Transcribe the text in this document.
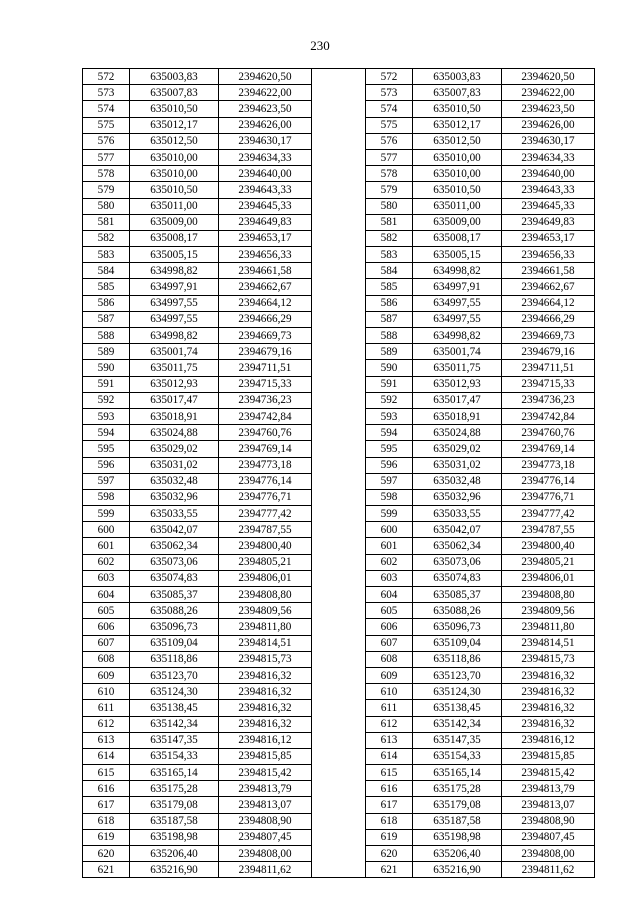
230
572	635003,83	2394620,50		572	635003,83	2394620,50
573	635007,83	2394622,00		573	635007,83	2394622,00
574	635010,50	2394623,50		574	635010,50	2394623,50
575	635012,17	2394626,00		575	635012,17	2394626,00
576	635012,50	2394630,17		576	635012,50	2394630,17
577	635010,00	2394634,33		577	635010,00	2394634,33
578	635010,00	2394640,00		578	635010,00	2394640,00
579	635010,50	2394643,33		579	635010,50	2394643,33
580	635011,00	2394645,33		580	635011,00	2394645,33
581	635009,00	2394649,83		581	635009,00	2394649,83
582	635008,17	2394653,17		582	635008,17	2394653,17
583	635005,15	2394656,33		583	635005,15	2394656,33
584	634998,82	2394661,58		584	634998,82	2394661,58
585	634997,91	2394662,67		585	634997,91	2394662,67
586	634997,55	2394664,12		586	634997,55	2394664,12
587	634997,55	2394666,29		587	634997,55	2394666,29
588	634998,82	2394669,73		588	634998,82	2394669,73
589	635001,74	2394679,16		589	635001,74	2394679,16
590	635011,75	2394711,51		590	635011,75	2394711,51
591	635012,93	2394715,33		591	635012,93	2394715,33
592	635017,47	2394736,23		592	635017,47	2394736,23
593	635018,91	2394742,84		593	635018,91	2394742,84
594	635024,88	2394760,76		594	635024,88	2394760,76
595	635029,02	2394769,14		595	635029,02	2394769,14
596	635031,02	2394773,18		596	635031,02	2394773,18
597	635032,48	2394776,14		597	635032,48	2394776,14
598	635032,96	2394776,71		598	635032,96	2394776,71
599	635033,55	2394777,42		599	635033,55	2394777,42
600	635042,07	2394787,55		600	635042,07	2394787,55
601	635062,34	2394800,40		601	635062,34	2394800,40
602	635073,06	2394805,21		602	635073,06	2394805,21
603	635074,83	2394806,01		603	635074,83	2394806,01
604	635085,37	2394808,80		604	635085,37	2394808,80
605	635088,26	2394809,56		605	635088,26	2394809,56
606	635096,73	2394811,80		606	635096,73	2394811,80
607	635109,04	2394814,51		607	635109,04	2394814,51
608	635118,86	2394815,73		608	635118,86	2394815,73
609	635123,70	2394816,32		609	635123,70	2394816,32
610	635124,30	2394816,32		610	635124,30	2394816,32
611	635138,45	2394816,32		611	635138,45	2394816,32
612	635142,34	2394816,32		612	635142,34	2394816,32
613	635147,35	2394816,12		613	635147,35	2394816,12
614	635154,33	2394815,85		614	635154,33	2394815,85
615	635165,14	2394815,42		615	635165,14	2394815,42
616	635175,28	2394813,79		616	635175,28	2394813,79
617	635179,08	2394813,07		617	635179,08	2394813,07
618	635187,58	2394808,90		618	635187,58	2394808,90
619	635198,98	2394807,45		619	635198,98	2394807,45
620	635206,40	2394808,00		620	635206,40	2394808,00
621	635216,90	2394811,62		621	635216,90	2394811,62
